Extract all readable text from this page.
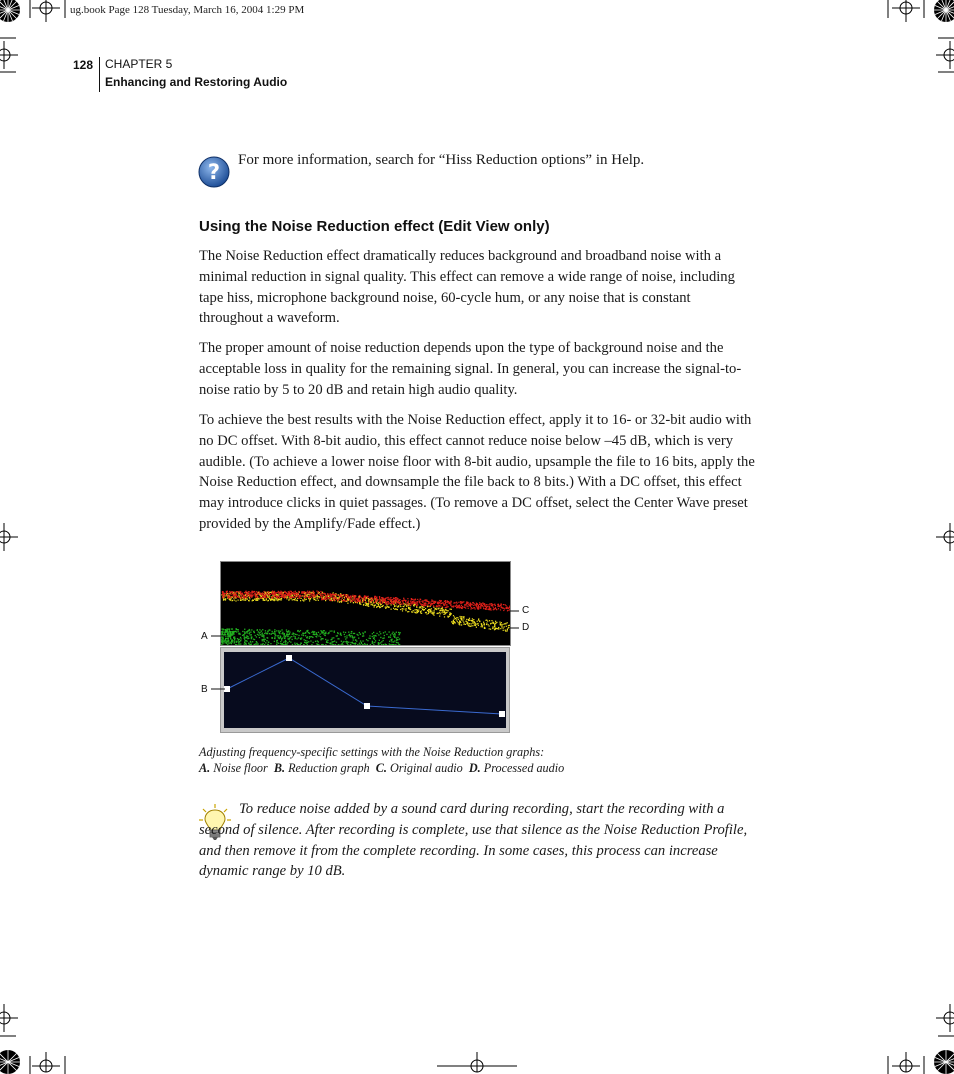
ug.book Page 128 Tuesday, March 16, 2004 1:29 PM
128 CHAPTER 5
Enhancing and Restoring Audio
? For more information, search for “Hiss Reduction options” in Help.
Using the Noise Reduction effect (Edit View only)
The Noise Reduction effect dramatically reduces background and broadband noise with a minimal reduction in signal quality. This effect can remove a wide range of noise, including tape hiss, microphone background noise, 60-cycle hum, or any noise that is constant throughout a waveform.
The proper amount of noise reduction depends upon the type of background noise and the acceptable loss in quality for the remaining signal. In general, you can increase the signal-to-noise ratio by 5 to 20 dB and retain high audio quality.
To achieve the best results with the Noise Reduction effect, apply it to 16- or 32-bit audio with no DC offset. With 8-bit audio, this effect cannot reduce noise below –45 dB, which is very audible. (To achieve a lower noise floor with 8-bit audio, upsample the file to 16 bits, apply the Noise Reduction effect, and downsample the file back to 8 bits.) With a DC offset, this effect may introduce clicks in quiet passages. (To remove a DC offset, select the Center Wave preset provided by the Amplify/Fade effect.)
A
B
C
D
Adjusting frequency-specific settings with the Noise Reduction graphs:
A. Noise floor B. Reduction graph C. Original audio D. Processed audio
To reduce noise added by a sound card during recording, start the recording with a second of silence. After recording is complete, use that silence as the Noise Reduction Profile, and then remove it from the complete recording. In some cases, this process can increase dynamic range by 10 dB.
